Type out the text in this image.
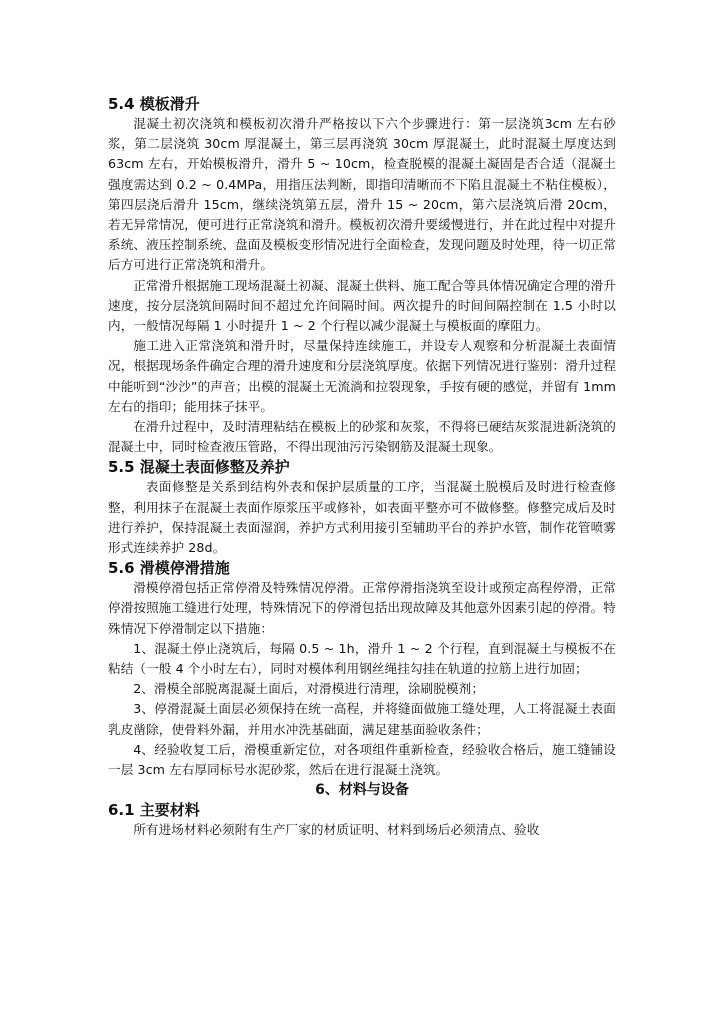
5.4 模板滑升

混凝土初次浇筑和模板初次滑升严格按以下六个步骤进行：第一层浇筑3cm 左右砂浆，第二层浇筑 30cm 厚混凝土，第三层再浇筑 30cm 厚混凝土，此时混凝土厚度达到 63cm 左右，开始模板滑升，滑升 5 ~ 10cm，检查脱模的混凝土凝固是否合适（混凝土强度需达到 0.2 ~ 0.4MPa，用指压法判断，即指印清晰而不下陷且混凝土不粘住模板），第四层浇后滑升 15cm，继续浇筑第五层，滑升 15 ~ 20cm，第六层浇筑后滑 20cm，若无异常情况，便可进行正常浇筑和滑升。模板初次滑升要缓慢进行，并在此过程中对提升系统、液压控制系统、盘面及模板变形情况进行全面检查，发现问题及时处理，待一切正常后方可进行正常浇筑和滑升。

正常滑升根据施工现场混凝土初凝、混凝土供料、施工配合等具体情况确定合理的滑升速度，按分层浇筑间隔时间不超过允许间隔时间。两次提升的时间间隔控制在 1.5 小时以内，一般情况每隔 1 小时提升 1 ~ 2 个行程以减少混凝土与模板面的摩阻力。

施工进入正常浇筑和滑升时，尽量保持连续施工，并设专人观察和分析混凝土表面情况，根据现场条件确定合理的滑升速度和分层浇筑厚度。依据下列情况进行鉴别：滑升过程中能听到“沙沙”的声音；出模的混凝土无流淌和拉裂现象，手按有硬的感觉，并留有 1mm 左右的指印；能用抹子抹平。

在滑升过程中，及时清理粘结在模板上的砂浆和灰浆，不得将已硬结灰浆混进新浇筑的混凝土中，同时检查液压管路，不得出现油污污染钢筋及混凝土现象。

5.5 混凝土表面修整及养护

表面修整是关系到结构外表和保护层质量的工序，当混凝土脱模后及时进行检查修整，利用抹子在混凝土表面作原浆压平或修补，如表面平整亦可不做修整。修整完成后及时进行养护，保持混凝土表面湿润，养护方式利用接引至辅助平台的养护水管，制作花管喷雾形式连续养护 28d。

5.6 滑模停滑措施

滑模停滑包括正常停滑及特殊情况停滑。正常停滑指浇筑至设计或预定高程停滑，正常停滑按照施工缝进行处理，特殊情况下的停滑包括出现故障及其他意外因素引起的停滑。特殊情况下停滑制定以下措施：

1、混凝土停止浇筑后，每隔 0.5 ~ 1h，滑升 1 ~ 2 个行程，直到混凝土与模板不在粘结（一般 4 个小时左右），同时对模体利用钢丝绳挂勾挂在轨道的拉筋上进行加固；

2、滑模全部脱离混凝土面后，对滑模进行清理，涂刷脱模剂；

3、停滑混凝土面层必须保持在统一高程，并将缝面做施工缝处理，人工将混凝土表面乳皮凿除，使骨料外漏，并用水冲洗基础面，满足建基面验收条件；

4、经验收复工后，滑模重新定位，对各项组件重新检查，经验收合格后，施工缝铺设一层 3cm 左右厚同标号水泥砂浆，然后在进行混凝土浇筑。

6、材料与设备

6.1 主要材料

所有进场材料必须附有生产厂家的材质证明、材料到场后必须清点、验收
